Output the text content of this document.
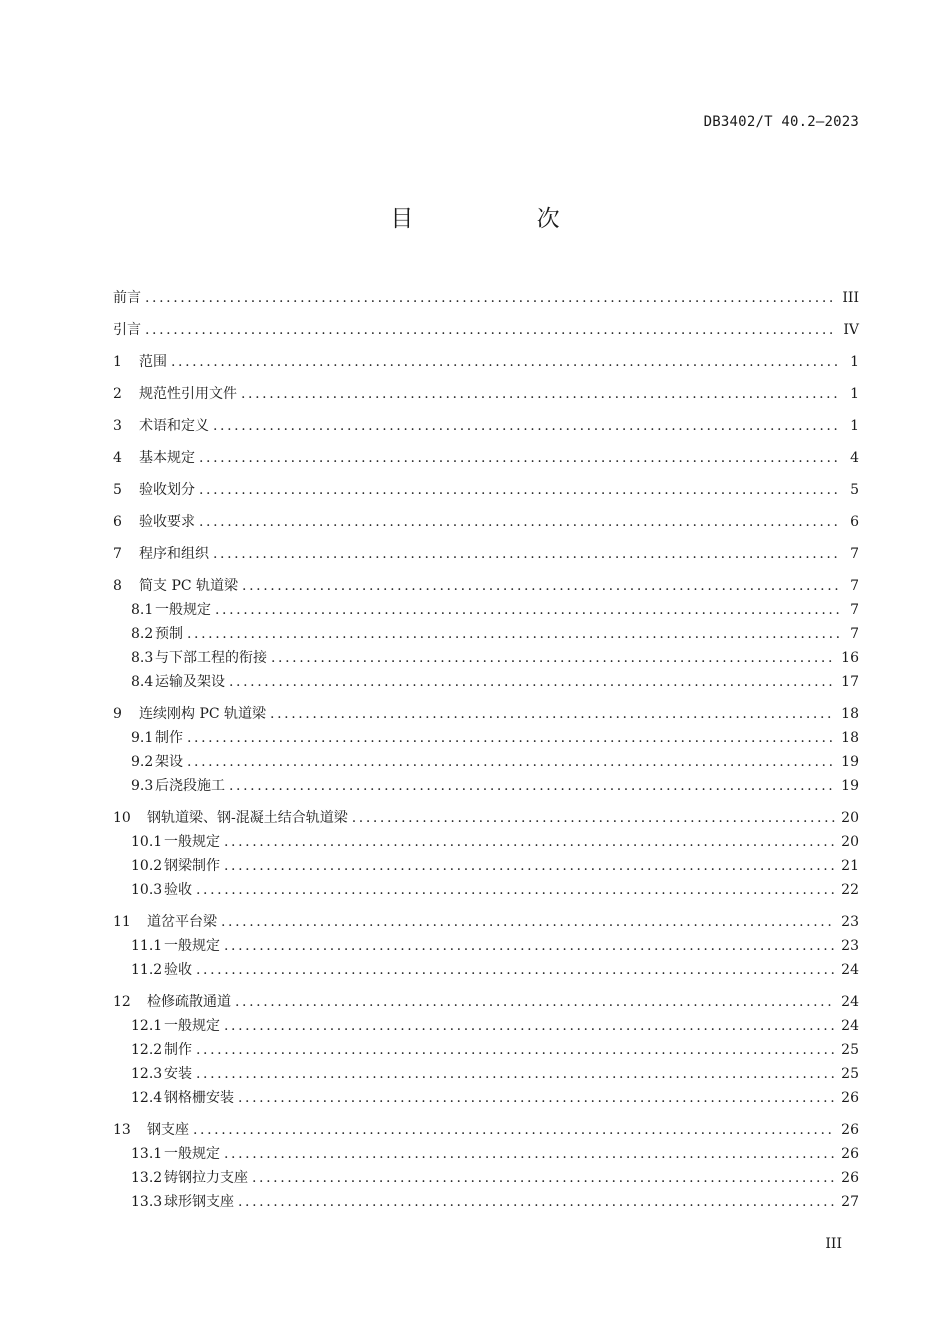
DB3402/T 40.2—2023
目 次
前言 .....	III
引言 .....	IV
1	范围 .....	1
2	规范性引用文件 .....	1
3	术语和定义 .....	1
4	基本规定 .....	4
5	验收划分 .....	5
6	验收要求 .....	6
7	程序和组织 .....	7
8	简支 PC 轨道梁 .....	7
8.1 一般规定 .....	7
8.2 预制 .....	7
8.3 与下部工程的衔接 .....	16
8.4 运输及架设 .....	17
9	连续刚构 PC 轨道梁 .....	18
9.1 制作 .....	18
9.2 架设 .....	19
9.3 后浇段施工 .....	19
10	钢轨道梁、钢-混凝土结合轨道梁 .....	20
10.1 一般规定 .....	20
10.2 钢梁制作 .....	21
10.3 验收 .....	22
11	道岔平台梁 .....	23
11.1 一般规定 .....	23
11.2 验收 .....	24
12	检修疏散通道 .....	24
12.1 一般规定 .....	24
12.2 制作 .....	25
12.3 安装 .....	25
12.4 钢格栅安装 .....	26
13	钢支座 .....	26
13.1 一般规定 .....	26
13.2 铸钢拉力支座 .....	26
13.3 球形钢支座 .....	27
III
